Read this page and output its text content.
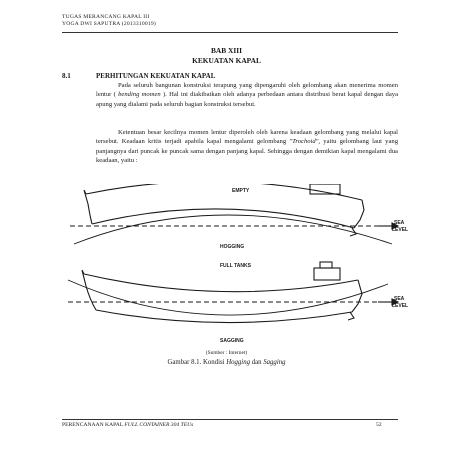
TUGAS MERANCANG KAPAL III
YOGA DWI SAPUTRA (2013310019)
BAB XIII
KEKUATAN KAPAL
8.1	PERHITUNGAN KEKUATAN KAPAL

Pada seluruh bangunan konstruksi terapung yang dipengaruhi oleh gelombang akan menerima momen lentur ( bending momen ). Hal ini diakibatkan oleh adanya perbedaan antara distribusi berat kapal dengan daya apung yang dialami pada seluruh bagian konstruksi tersebut.

Ketentuan besar kecilnya momen lentur diperoleh oleh karena keadaan gelombang yang melalui kapal tersebut. Keadaan kritis terjadi apabila kapal mengalami gelombang "Trochoid", yaitu gelombang laut yang panjangnya dari puncak ke puncak sama dengan panjang kapal. Sehingga dengan demikian kapal mengalami dua keadaan, yaitu :

EMPTY
HOGGING
SEA
LEVEL
FULL TANKS
SEA
LEVEL
SAGGING
(Sumber : Internet)
Gambar 8.1. Kondisi Hogging dan Sagging
PERENCANAAN KAPAL FULL CONTAINER 304 TEUs	52
